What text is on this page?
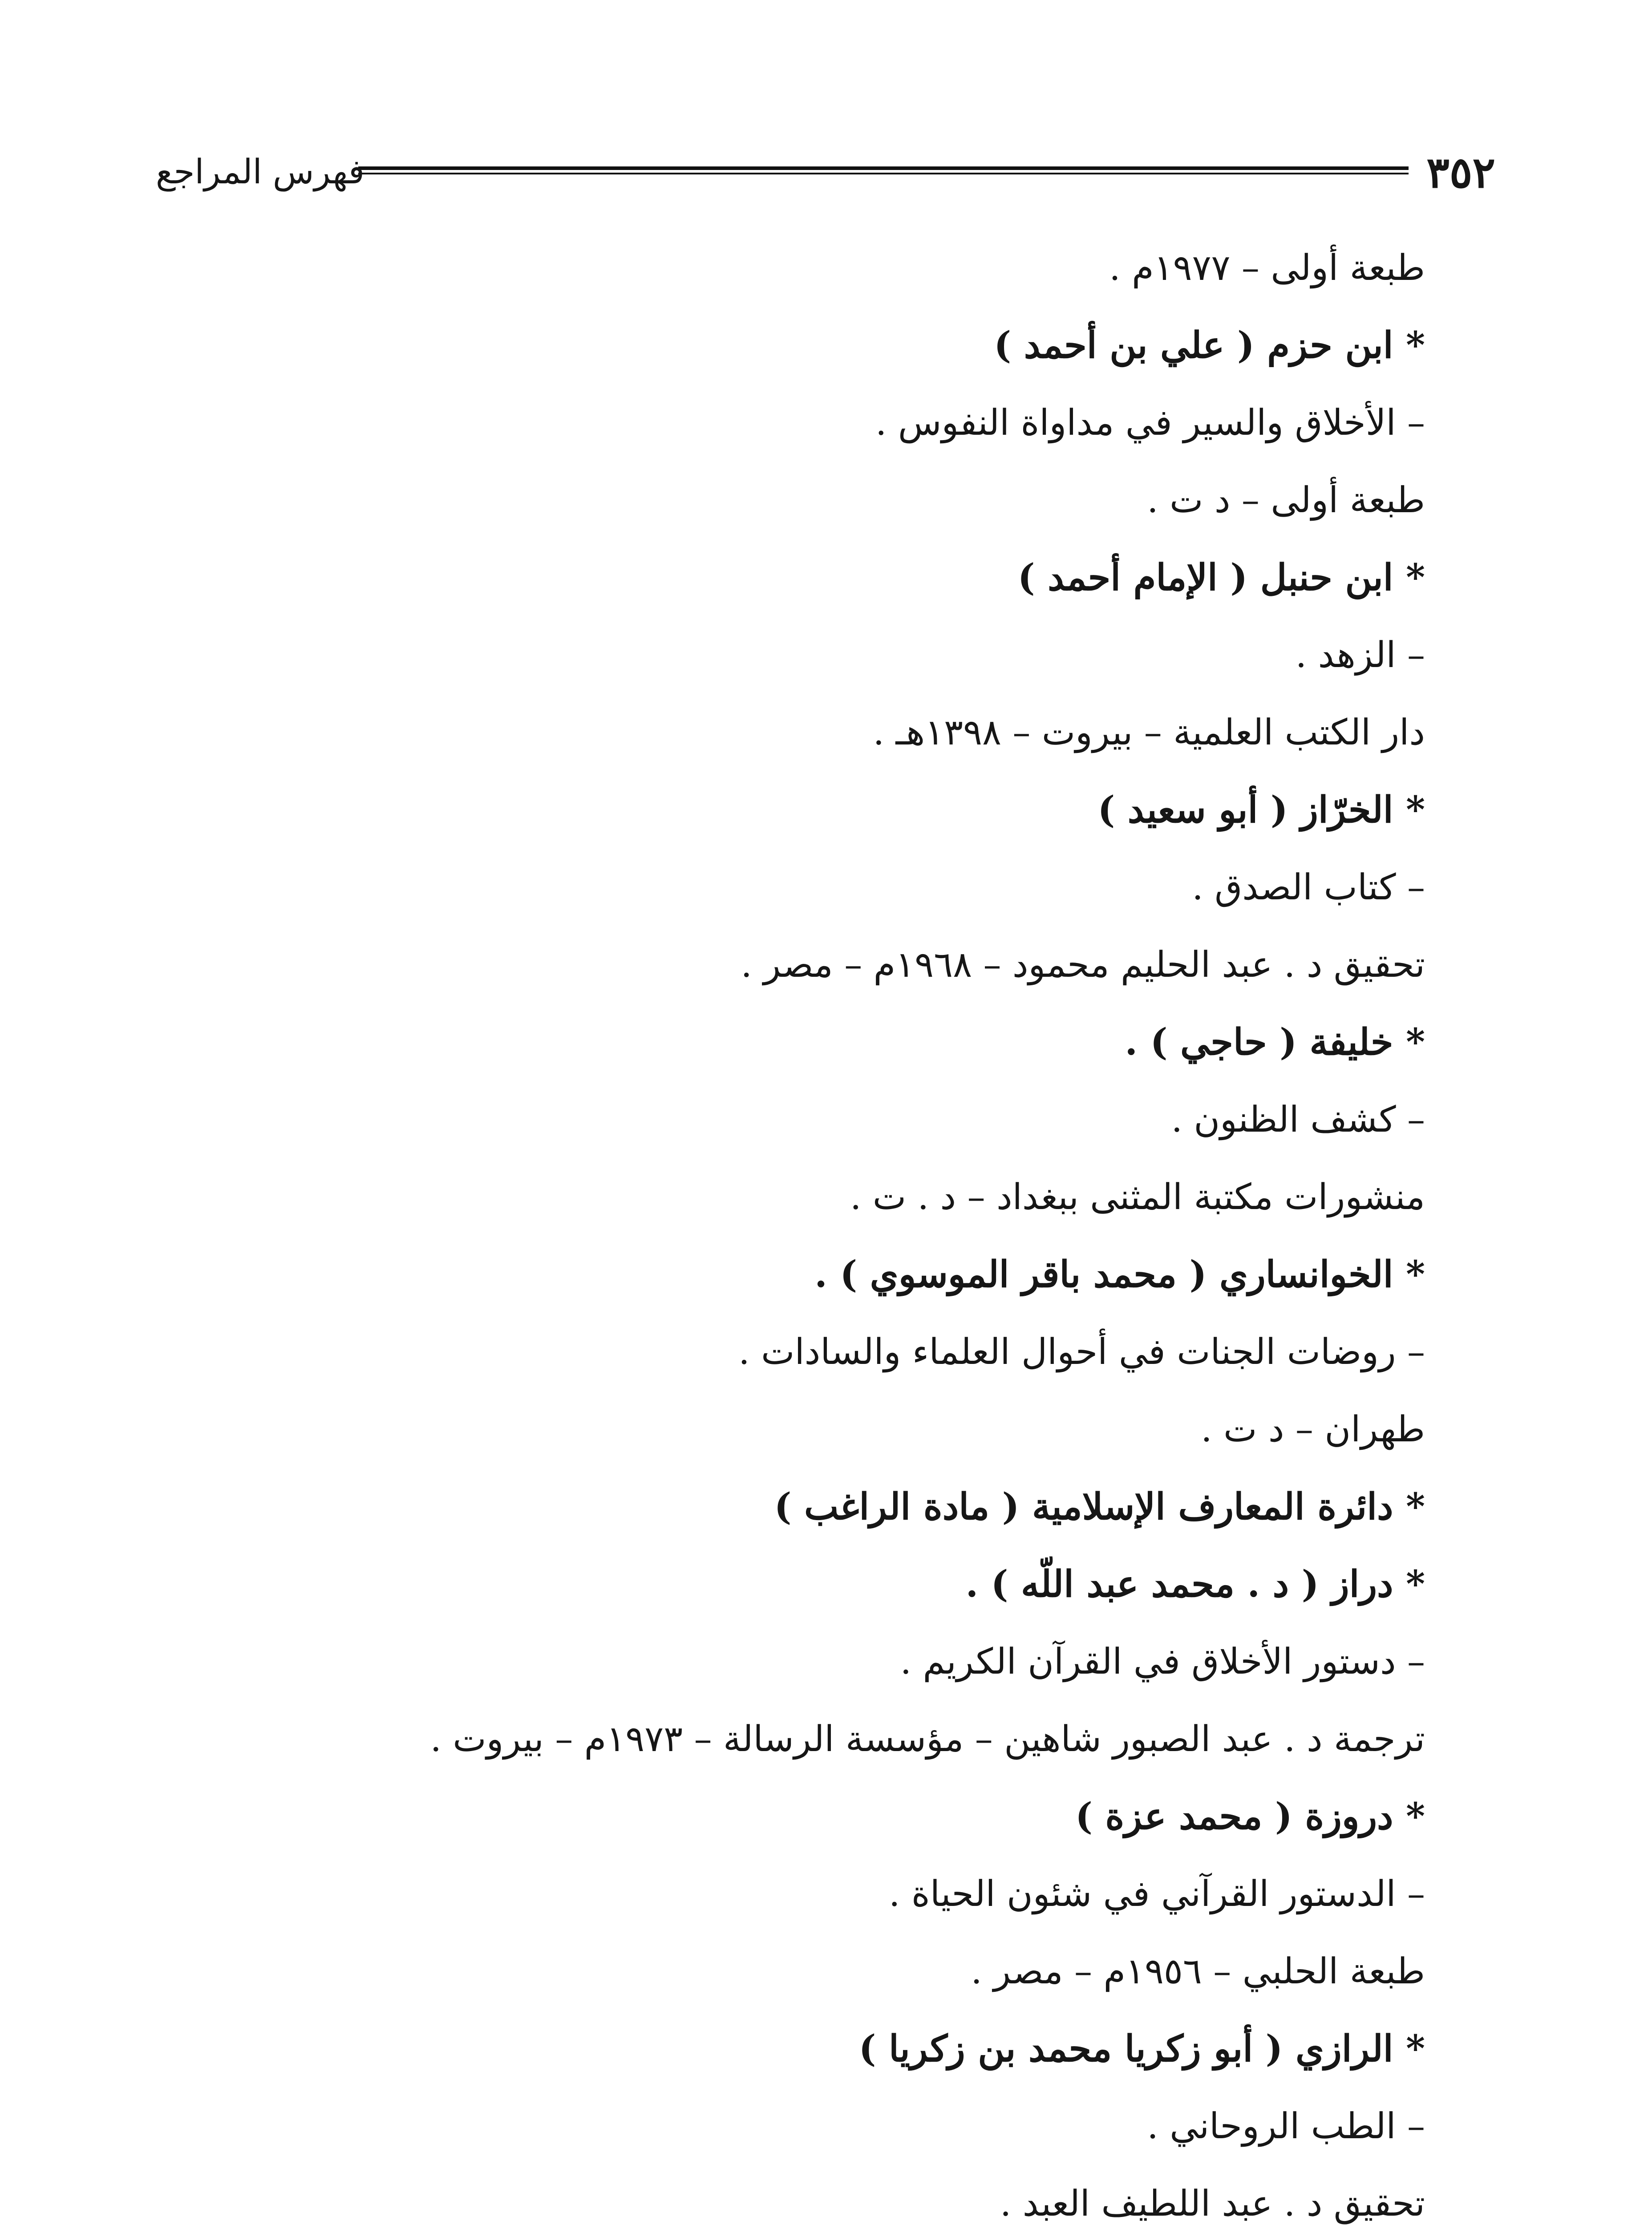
٣٥٢
فهرس المراجع
طبعة أولى – ١٩٧٧م .
* ابن حزم ( علي بن أحمد )
– الأخلاق والسير في مداواة النفوس .
طبعة أولى – د ت .
* ابن حنبل ( الإمام أحمد )
– الزهد .
دار الكتب العلمية – بيروت – ١٣٩٨هـ .
* الخرّاز ( أبو سعيد )
– كتاب الصدق .
تحقيق د . عبد الحليم محمود – ١٩٦٨م – مصر .
* خليفة ( حاجي ) .
– كشف الظنون .
منشورات مكتبة المثنى ببغداد – د . ت .
* الخوانساري ( محمد باقر الموسوي ) .
– روضات الجنات في أحوال العلماء والسادات .
طهران – د ت .
* دائرة المعارف الإسلامية ( مادة الراغب )
* دراز ( د . محمد عبد اللّه ) .
– دستور الأخلاق في القرآن الكريم .
ترجمة د . عبد الصبور شاهين – مؤسسة الرسالة – ١٩٧٣م – بيروت .
* دروزة ( محمد عزة )
– الدستور القرآني في شئون الحياة .
طبعة الحلبي – ١٩٥٦م – مصر .
* الرازي ( أبو زكريا محمد بن زكريا )
– الطب الروحاني .
تحقيق د . عبد اللطيف العبد .
